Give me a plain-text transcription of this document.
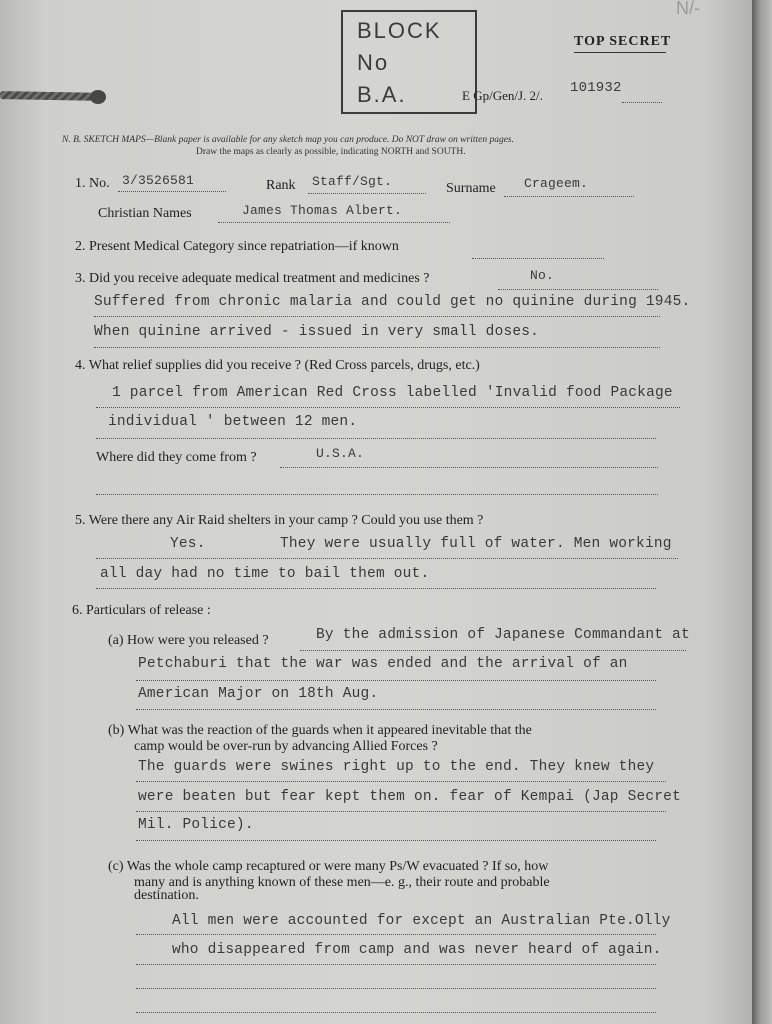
N/-
BLOCK
No
B.A.
TOP SECRET
E Gp/Gen/J. 2/. 101932
N. B. SKETCH MAPS—Blank paper is available for any sketch map you can produce. Do NOT draw on written pages.
Draw the maps as clearly as possible, indicating NORTH and SOUTH.
1. No. 3/3526581	Rank Staff/Sgt.	Surname Crageem.
Christian Names	James Thomas Albert.
2. Present Medical Category since repatriation—if known
3. Did you receive adequate medical treatment and medicines ?	No.
Suffered from chronic malaria and could get no quinine during 1945.
When quinine arrived - issued in very small doses.
4. What relief supplies did you receive ? (Red Cross parcels, drugs, etc.)
1 parcel from American Red Cross labelled 'Invalid food Package
individual ' between 12 men.
Where did they come from ?	U.S.A.
5. Were there any Air Raid shelters in your camp ? Could you use them ?
Yes.	They were usually full of water. Men working
all day had no time to bail them out.
6. Particulars of release :
(a) How were you released ?	By the admission of Japanese Commandant at
Petchaburi that the war was ended and the arrival of an
American Major on 18th Aug.
(b) What was the reaction of the guards when it appeared inevitable that the
camp would be over-run by advancing Allied Forces ?
The guards were swines right up to the end. They knew they
were beaten but fear kept them on. fear of Kempai (Jap Secret
Mil. Police).
(c) Was the whole camp recaptured or were many Ps/W evacuated ? If so, how
many and is anything known of these men—e. g., their route and probable
destination.
All men were accounted for except an Australian Pte.Olly
who disappeared from camp and was never heard of again.
